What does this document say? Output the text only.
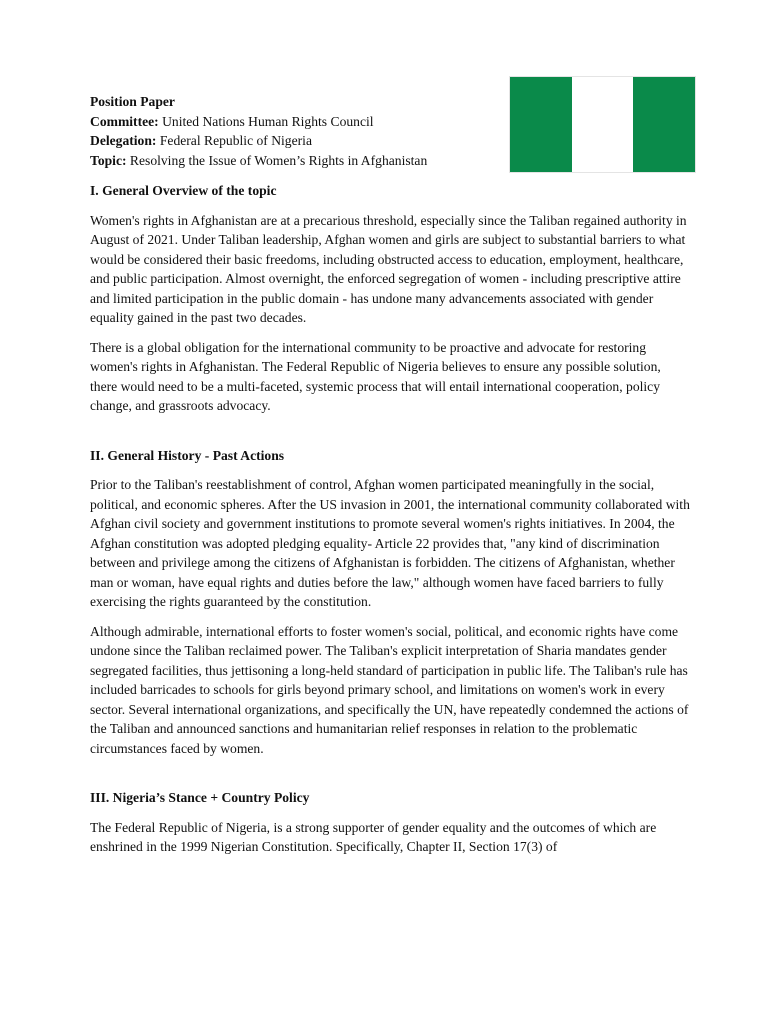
Position Paper
Committee: United Nations Human Rights Council
Delegation: Federal Republic of Nigeria
Topic: Resolving the Issue of Women’s Rights in Afghanistan
I. General Overview of the topic

Women's rights in Afghanistan are at a precarious threshold, especially since the Taliban regained authority in August of 2021. Under Taliban leadership, Afghan women and girls are subject to substantial barriers to what would be considered their basic freedoms, including obstructed access to education, employment, healthcare, and public participation. Almost overnight, the enforced segregation of women - including prescriptive attire and limited participation in the public domain - has undone many advancements associated with gender equality gained in the past two decades.

There is a global obligation for the international community to be proactive and advocate for restoring women's rights in Afghanistan. The Federal Republic of Nigeria believes to ensure any possible solution, there would need to be a multi-faceted, systemic process that will entail international cooperation, policy change, and grassroots advocacy.

II. General History - Past Actions

Prior to the Taliban's reestablishment of control, Afghan women participated meaningfully in the social, political, and economic spheres. After the US invasion in 2001, the international community collaborated with Afghan civil society and government institutions to promote several women's rights initiatives. In 2004, the Afghan constitution was adopted pledging equality- Article 22 provides that, "any kind of discrimination between and privilege among the citizens of Afghanistan is forbidden. The citizens of Afghanistan, whether man or woman, have equal rights and duties before the law," although women have faced barriers to fully exercising the rights guaranteed by the constitution.

Although admirable, international efforts to foster women's social, political, and economic rights have come undone since the Taliban reclaimed power. The Taliban's explicit interpretation of Sharia mandates gender segregated facilities, thus jettisoning a long-held standard of participation in public life. The Taliban's rule has included barricades to schools for girls beyond primary school, and limitations on women's work in every sector. Several international organizations, and specifically the UN, have repeatedly condemned the actions of the Taliban and announced sanctions and humanitarian relief responses in relation to the problematic circumstances faced by women.

III. Nigeria’s Stance + Country Policy

The Federal Republic of Nigeria, is a strong supporter of gender equality and the outcomes of which are enshrined in the 1999 Nigerian Constitution. Specifically, Chapter II, Section 17(3) of
